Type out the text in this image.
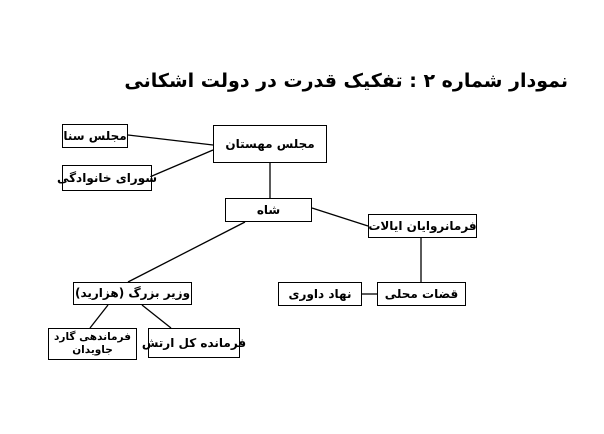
نمودار شماره ۲ : تفکیک قدرت در دولت اشکانی
مجلس سنا
شورای خانوادگی
مجلس مهستان
شاه
فرمانروایان ایالات
وزیر بزرگ (هزارید)	نهاد داوری	قضات محلی
فرماندهی گارد جاویدان
فرمانده کل ارتش
